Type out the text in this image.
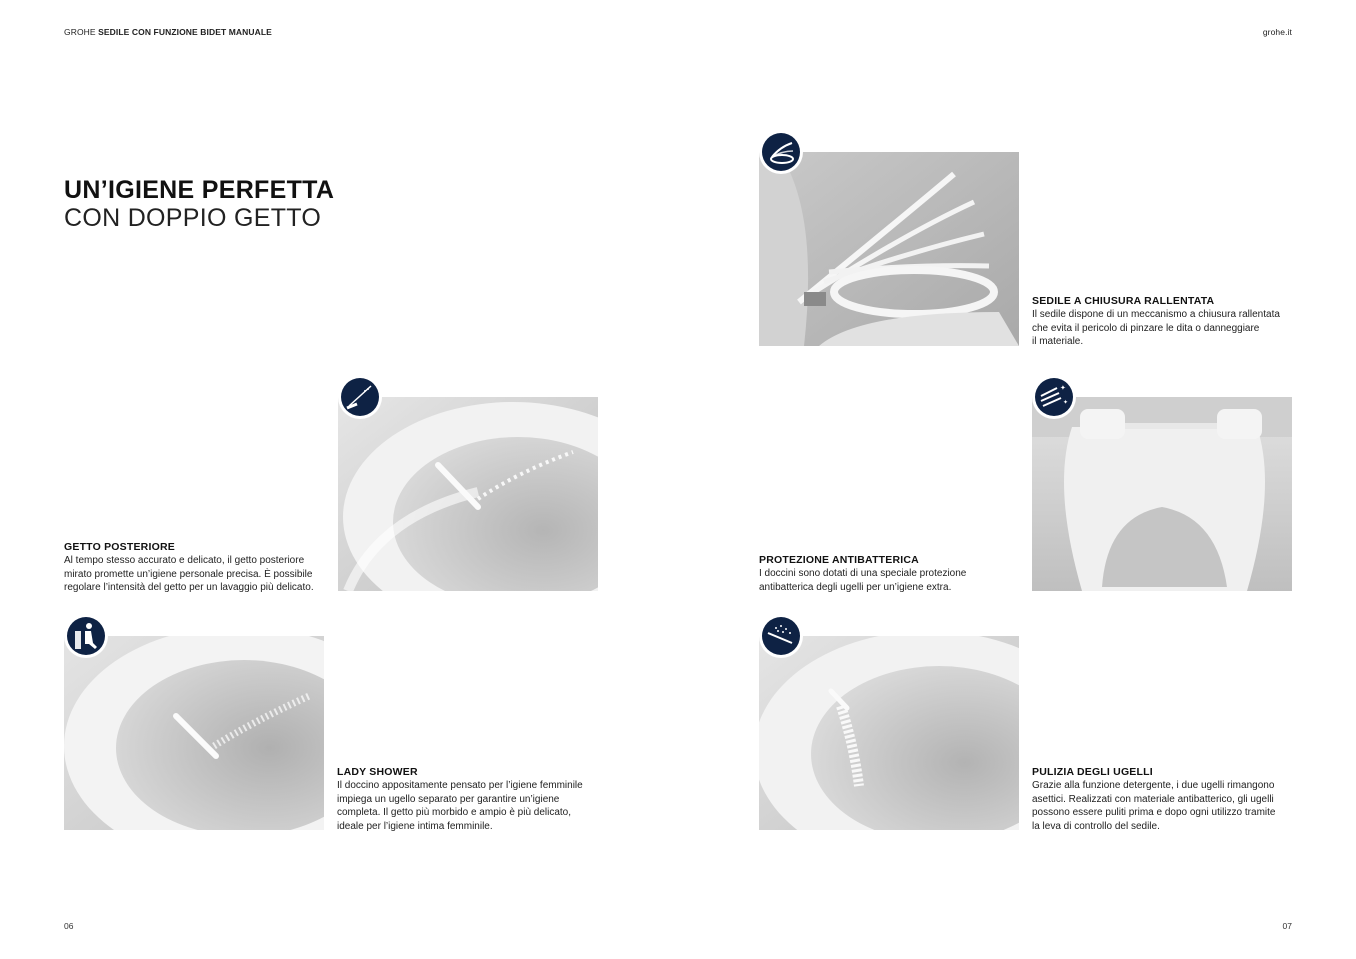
GROHE SEDILE CON FUNZIONE BIDET MANUALE	grohe.it
UN’IGIENE PERFETTA
CON DOPPIO GETTO
GETTO POSTERIORE
Al tempo stesso accurato e delicato, il getto posteriore
mirato promette un’igiene personale precisa. È possibile
regolare l’intensità del getto per un lavaggio più delicato.
LADY SHOWER
Il doccino appositamente pensato per l’igiene femminile
impiega un ugello separato per garantire un’igiene
completa. Il getto più morbido e ampio è più delicato,
ideale per l’igiene intima femminile.
SEDILE A CHIUSURA RALLENTATA
Il sedile dispone di un meccanismo a chiusura rallentata
che evita il pericolo di pinzare le dita o danneggiare
il materiale.
✦
✦
PROTEZIONE ANTIBATTERICA
I doccini sono dotati di una speciale protezione
antibatterica degli ugelli per un’igiene extra.
PULIZIA DEGLI UGELLI
Grazie alla funzione detergente, i due ugelli rimangono
asettici. Realizzati con materiale antibatterico, gli ugelli
possono essere puliti prima e dopo ogni utilizzo tramite
la leva di controllo del sedile.
06	07
